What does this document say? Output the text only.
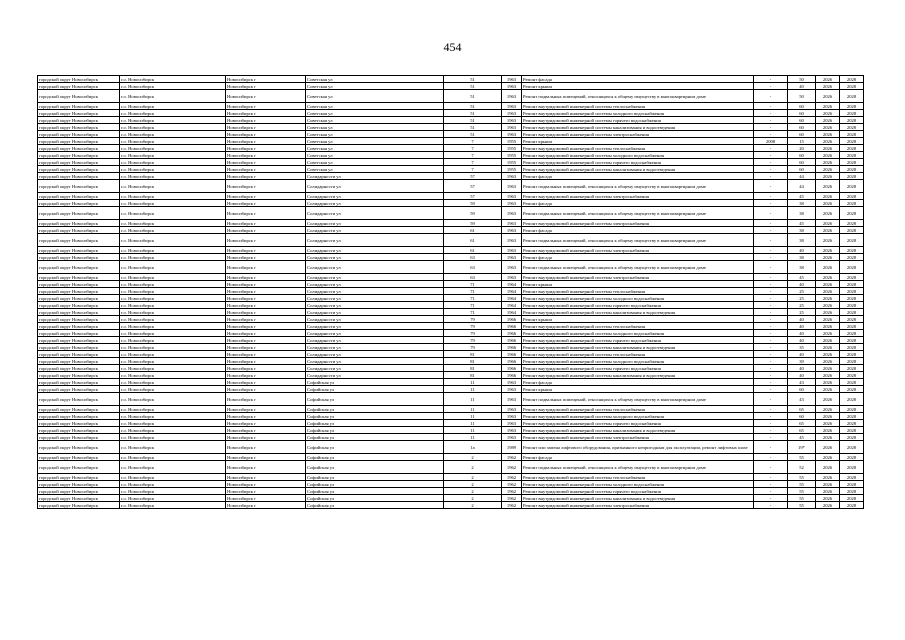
454
городской округ Новосибирск	г.о. Новосибирск	Новосибирск г	Советская ул	51	1963	Ремонт фасада	-	50	2026	2028
городской округ Новосибирск	г.о. Новосибирск	Новосибирск г	Советская ул	51	1963	Ремонт крыши	-	40	2026	2028
городской округ Новосибирск	г.о. Новосибирск	Новосибирск г	Советская ул	51	1963	Ремонт подвальных помещений, относящихся к общему имуществу в многоквартирном доме	-	50	2026	2028
городской округ Новосибирск	г.о. Новосибирск	Новосибирск г	Советская ул	51	1963	Ремонт внутридомовой инженерной системы теплоснабжения	-	60	2026	2028
городской округ Новосибирск	г.о. Новосибирск	Новосибирск г	Советская ул	51	1963	Ремонт внутридомовой инженерной системы холодного водоснабжения	-	60	2026	2028
городской округ Новосибирск	г.о. Новосибирск	Новосибирск г	Советская ул	51	1963	Ремонт внутридомовой инженерной системы горячего водоснабжения	-	60	2026	2028
городской округ Новосибирск	г.о. Новосибирск	Новосибирск г	Советская ул	51	1963	Ремонт внутридомовой инженерной системы канализования и водоотведения	-	60	2026	2028
городской округ Новосибирск	г.о. Новосибирск	Новосибирск г	Советская ул	51	1963	Ремонт внутридомовой инженерной системы электроснабжения	-	60	2026	2028
городской округ Новосибирск	г.о. Новосибирск	Новосибирск г	Советская ул	7	1955	Ремонт крыши	2008	15	2026	2028
городской округ Новосибирск	г.о. Новосибирск	Новосибирск г	Советская ул	7	1955	Ремонт внутридомовой инженерной системы теплоснабжения	-	20	2026	2028
городской округ Новосибирск	г.о. Новосибирск	Новосибирск г	Советская ул	7	1955	Ремонт внутридомовой инженерной системы холодного водоснабжения	-	60	2026	2028
городской округ Новосибирск	г.о. Новосибирск	Новосибирск г	Советская ул	7	1955	Ремонт внутридомовой инженерной системы горячего водоснабжения	-	60	2026	2028
городской округ Новосибирск	г.о. Новосибирск	Новосибирск г	Советская ул	7	1955	Ремонт внутридомовой инженерной системы канализования и водоотведения	-	60	2026	2028
городской округ Новосибирск	г.о. Новосибирск	Новосибирск г	Солидарности ул	57	1963	Ремонт фасада	-	44	2026	2028
городской округ Новосибирск	г.о. Новосибирск	Новосибирск г	Солидарности ул	57	1963	Ремонт подвальных помещений, относящихся к общему имуществу в многоквартирном доме	-	44	2026	2028
городской округ Новосибирск	г.о. Новосибирск	Новосибирск г	Солидарности ул	57	1963	Ремонт внутридомовой инженерной системы электроснабжения	-	45	2026	2028
городской округ Новосибирск	г.о. Новосибирск	Новосибирск г	Солидарности ул	59	1963	Ремонт фасада	-	38	2026	2028
городской округ Новосибирск	г.о. Новосибирск	Новосибирск г	Солидарности ул	59	1963	Ремонт подвальных помещений, относящихся к общему имуществу в многоквартирном доме	-	38	2026	2028
городской округ Новосибирск	г.о. Новосибирск	Новосибирск г	Солидарности ул	59	1963	Ремонт внутридомовой инженерной системы электроснабжения	-	45	2026	2028
городской округ Новосибирск	г.о. Новосибирск	Новосибирск г	Солидарности ул	61	1963	Ремонт фасада	-	38	2026	2028
городской округ Новосибирск	г.о. Новосибирск	Новосибирск г	Солидарности ул	61	1963	Ремонт подвальных помещений, относящихся к общему имуществу в многоквартирном доме	-	38	2026	2028
городской округ Новосибирск	г.о. Новосибирск	Новосибирск г	Солидарности ул	61	1963	Ремонт внутридомовой инженерной системы электроснабжения	-	40	2026	2028
городской округ Новосибирск	г.о. Новосибирск	Новосибирск г	Солидарности ул	63	1963	Ремонт фасада	-	38	2026	2028
городской округ Новосибирск	г.о. Новосибирск	Новосибирск г	Солидарности ул	63	1963	Ремонт подвальных помещений, относящихся к общему имуществу в многоквартирном доме	-	38	2026	2028
городской округ Новосибирск	г.о. Новосибирск	Новосибирск г	Солидарности ул	63	1963	Ремонт внутридомовой инженерной системы электроснабжения	-	45	2026	2028
городской округ Новосибирск	г.о. Новосибирск	Новосибирск г	Солидарности ул	71	1964	Ремонт крыши	-	40	2026	2028
городской округ Новосибирск	г.о. Новосибирск	Новосибирск г	Солидарности ул	71	1964	Ремонт внутридомовой инженерной системы теплоснабжения	-	25	2026	2028
городской округ Новосибирск	г.о. Новосибирск	Новосибирск г	Солидарности ул	71	1964	Ремонт внутридомовой инженерной системы холодного водоснабжения	-	25	2026	2028
городской округ Новосибирск	г.о. Новосибирск	Новосибирск г	Солидарности ул	71	1964	Ремонт внутридомовой инженерной системы горячего водоснабжения	-	25	2026	2028
городской округ Новосибирск	г.о. Новосибирск	Новосибирск г	Солидарности ул	71	1964	Ремонт внутридомовой инженерной системы канализования и водоотведения	-	25	2026	2028
городской округ Новосибирск	г.о. Новосибирск	Новосибирск г	Солидарности ул	79	1966	Ремонт крыши	-	40	2026	2028
городской округ Новосибирск	г.о. Новосибирск	Новосибирск г	Солидарности ул	79	1966	Ремонт внутридомовой инженерной системы теплоснабжения	-	40	2026	2028
городской округ Новосибирск	г.о. Новосибирск	Новосибирск г	Солидарности ул	79	1966	Ремонт внутридомовой инженерной системы холодного водоснабжения	-	40	2026	2028
городской округ Новосибирск	г.о. Новосибирск	Новосибирск г	Солидарности ул	79	1966	Ремонт внутридомовой инженерной системы горячего водоснабжения	-	40	2026	2028
городской округ Новосибирск	г.о. Новосибирск	Новосибирск г	Солидарности ул	79	1966	Ремонт внутридомовой инженерной системы канализования и водоотведения	-	35	2026	2028
городской округ Новосибирск	г.о. Новосибирск	Новосибирск г	Солидарности ул	81	1966	Ремонт внутридомовой инженерной системы теплоснабжения	-	40	2026	2028
городской округ Новосибирск	г.о. Новосибирск	Новосибирск г	Солидарности ул	81	1966	Ремонт внутридомовой инженерной системы холодного водоснабжения	-	39	2026	2028
городской округ Новосибирск	г.о. Новосибирск	Новосибирск г	Солидарности ул	81	1966	Ремонт внутридомовой инженерной системы горячего водоснабжения	-	40	2026	2028
городской округ Новосибирск	г.о. Новосибирск	Новосибирск г	Солидарности ул	81	1966	Ремонт внутридомовой инженерной системы канализования и водоотведения	-	40	2026	2028
городской округ Новосибирск	г.о. Новосибирск	Новосибирск г	Софийская ул	11	1963	Ремонт фасада	-	43	2026	2028
городской округ Новосибирск	г.о. Новосибирск	Новосибирск г	Софийская ул	11	1963	Ремонт крыши	-	60	2026	2028
городской округ Новосибирск	г.о. Новосибирск	Новосибирск г	Софийская ул	11	1963	Ремонт подвальных помещений, относящихся к общему имуществу в многоквартирном доме	-	43	2026	2028
городской округ Новосибирск	г.о. Новосибирск	Новосибирск г	Софийская ул	11	1963	Ремонт внутридомовой инженерной системы теплоснабжения	-	65	2026	2028
городской округ Новосибирск	г.о. Новосибирск	Новосибирск г	Софийская ул	11	1963	Ремонт внутридомовой инженерной системы холодного водоснабжения	-	60	2026	2028
городской округ Новосибирск	г.о. Новосибирск	Новосибирск г	Софийская ул	11	1963	Ремонт внутридомовой инженерной системы горячего водоснабжения	-	65	2026	2028
городской округ Новосибирск	г.о. Новосибирск	Новосибирск г	Софийская ул	11	1963	Ремонт внутридомовой инженерной системы канализования и водоотведения	-	65	2026	2028
городской округ Новосибирск	г.о. Новосибирск	Новосибирск г	Софийская ул	11	1963	Ремонт внутридомовой инженерной системы электроснабжения	-	45	2026	2028
городской округ Новосибирск	г.о. Новосибирск	Новосибирск г	Софийская ул	1a	1989	Ремонт или замена лифтового оборудования, признанного непригодным для эксплуатации, ремонт лифтовых шахт	-	19*	2026	2028
городской округ Новосибирск	г.о. Новосибирск	Новосибирск г	Софийская ул	2	1962	Ремонт фасада	-	55	2026	2028
городской округ Новосибирск	г.о. Новосибирск	Новосибирск г	Софийская ул	2	1962	Ремонт подвальных помещений, относящихся к общему имуществу в многоквартирном доме	-	52	2026	2028
городской округ Новосибирск	г.о. Новосибирск	Новосибирск г	Софийская ул	2	1962	Ремонт внутридомовой инженерной системы теплоснабжения	-	55	2026	2028
городской округ Новосибирск	г.о. Новосибирск	Новосибирск г	Софийская ул	2	1962	Ремонт внутридомовой инженерной системы холодного водоснабжения	-	55	2026	2028
городской округ Новосибирск	г.о. Новосибирск	Новосибирск г	Софийская ул	2	1962	Ремонт внутридомовой инженерной системы горячего водоснабжения	-	55	2026	2028
городской округ Новосибирск	г.о. Новосибирск	Новосибирск г	Софийская ул	2	1962	Ремонт внутридомовой инженерной системы канализования и водоотведения	-	55	2026	2028
городской округ Новосибирск	г.о. Новосибирск	Новосибирск г	Софийская ул	2	1962	Ремонт внутридомовой инженерной системы электроснабжения	-	55	2026	2028
